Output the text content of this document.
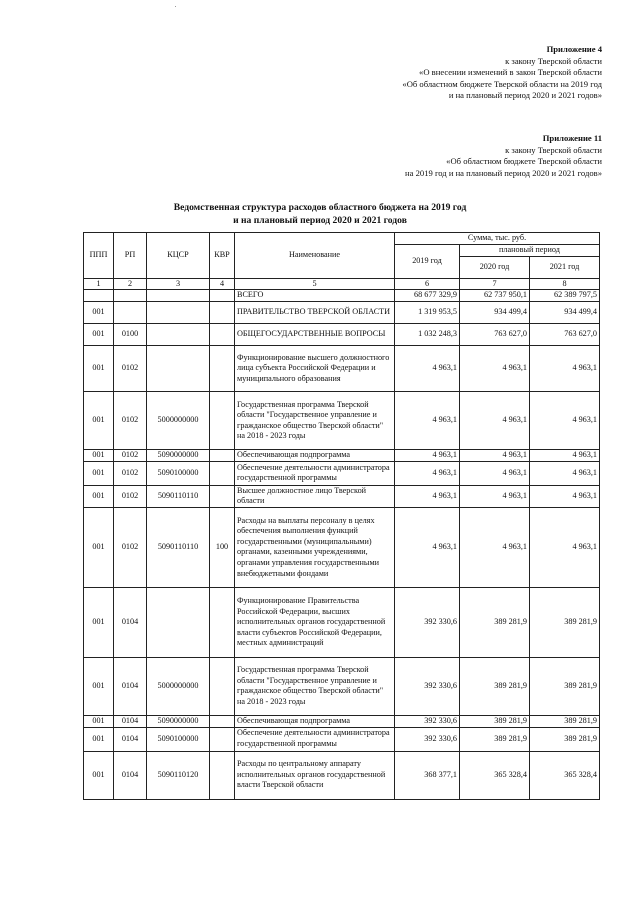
Приложение 4
к закону Тверской области
«О внесении изменений в закон Тверской области
«Об областном бюджете Тверской области на 2019 год
и на плановый период 2020 и 2021 годов»
Приложение 11
к закону Тверской области
«Об областном бюджете Тверской области
на 2019 год и на плановый период 2020 и 2021 годов»
Ведомственная структура расходов областного бюджета на 2019 год
и на плановый период 2020 и 2021 годов
ППП	РП	КЦСР	КВР	Наименование	Сумма, тыс. руб.		
					2019 год	плановый период	
						2020 год	2021 год
1	2	3	4	5	6	7	8
				ВСЕГО	68 677 329,9	62 737 950,1	62 389 797,5
001				ПРАВИТЕЛЬСТВО ТВЕРСКОЙ ОБЛАСТИ	1 319 953,5	934 499,4	934 499,4
001	0100			ОБЩЕГОСУДАРСТВЕННЫЕ ВОПРОСЫ	1 032 248,3	763 627,0	763 627,0
001	0102			Функционирование высшего должностного лица субъекта Российской Федерации и муниципального образования	4 963,1	4 963,1	4 963,1
001	0102	5000000000		Государственная программа Тверской области "Государственное управление и гражданское общество Тверской области" на 2018 - 2023 годы	4 963,1	4 963,1	4 963,1
001	0102	5090000000		Обеспечивающая подпрограмма	4 963,1	4 963,1	4 963,1
001	0102	5090100000		Обеспечение деятельности администратора государственной программы	4 963,1	4 963,1	4 963,1
001	0102	5090110110		Высшее должностное лицо Тверской области	4 963,1	4 963,1	4 963,1
001	0102	5090110110	100	Расходы на выплаты персоналу в целях обеспечения выполнения функций государственными (муниципальными) органами, казенными учреждениями, органами управления государственными внебюджетными фондами	4 963,1	4 963,1	4 963,1
001	0104			Функционирование Правительства Российской Федерации, высших исполнительных органов государственной власти субъектов Российской Федерации, местных администраций	392 330,6	389 281,9	389 281,9
001	0104	5000000000		Государственная программа Тверской области "Государственное управление и гражданское общество Тверской области" на 2018 - 2023 годы	392 330,6	389 281,9	389 281,9
001	0104	5090000000		Обеспечивающая подпрограмма	392 330,6	389 281,9	389 281,9
001	0104	5090100000		Обеспечение деятельности администратора государственной программы	392 330,6	389 281,9	389 281,9
001	0104	5090110120		Расходы по центральному аппарату исполнительных органов государственной власти Тверской области	368 377,1	365 328,4	365 328,4
